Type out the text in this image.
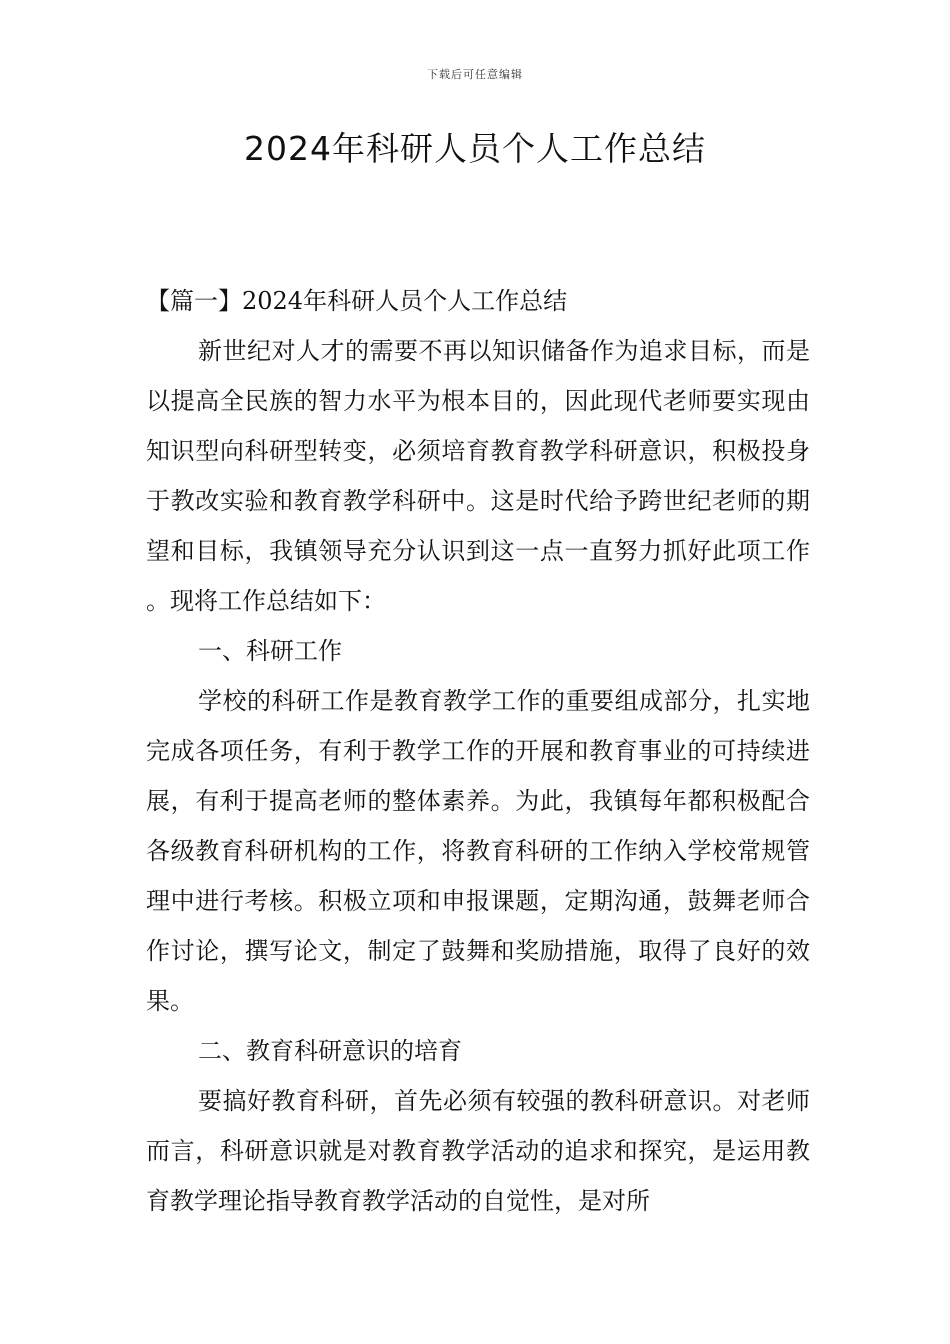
下载后可任意编辑
2024年科研人员个人工作总结

【篇一】2024年科研人员个人工作总结

新世纪对人才的需要不再以知识储备作为追求目标，而是以提高全民族的智力水平为根本目的，因此现代老师要实现由知识型向科研型转变，必须培育教育教学科研意识，积极投身于教改实验和教育教学科研中。这是时代给予跨世纪老师的期望和目标，我镇领导充分认识到这一点一直努力抓好此项工作。现将工作总结如下：

一、科研工作

学校的科研工作是教育教学工作的重要组成部分，扎实地完成各项任务，有利于教学工作的开展和教育事业的可持续进展，有利于提高老师的整体素养。为此，我镇每年都积极配合各级教育科研机构的工作，将教育科研的工作纳入学校常规管理中进行考核。积极立项和申报课题，定期沟通，鼓舞老师合作讨论，撰写论文，制定了鼓舞和奖励措施，取得了良好的效果。

二、教育科研意识的培育

要搞好教育科研，首先必须有较强的教科研意识。对老师而言，科研意识就是对教育教学活动的追求和探究，是运用教育教学理论指导教育教学活动的自觉性，是对所
